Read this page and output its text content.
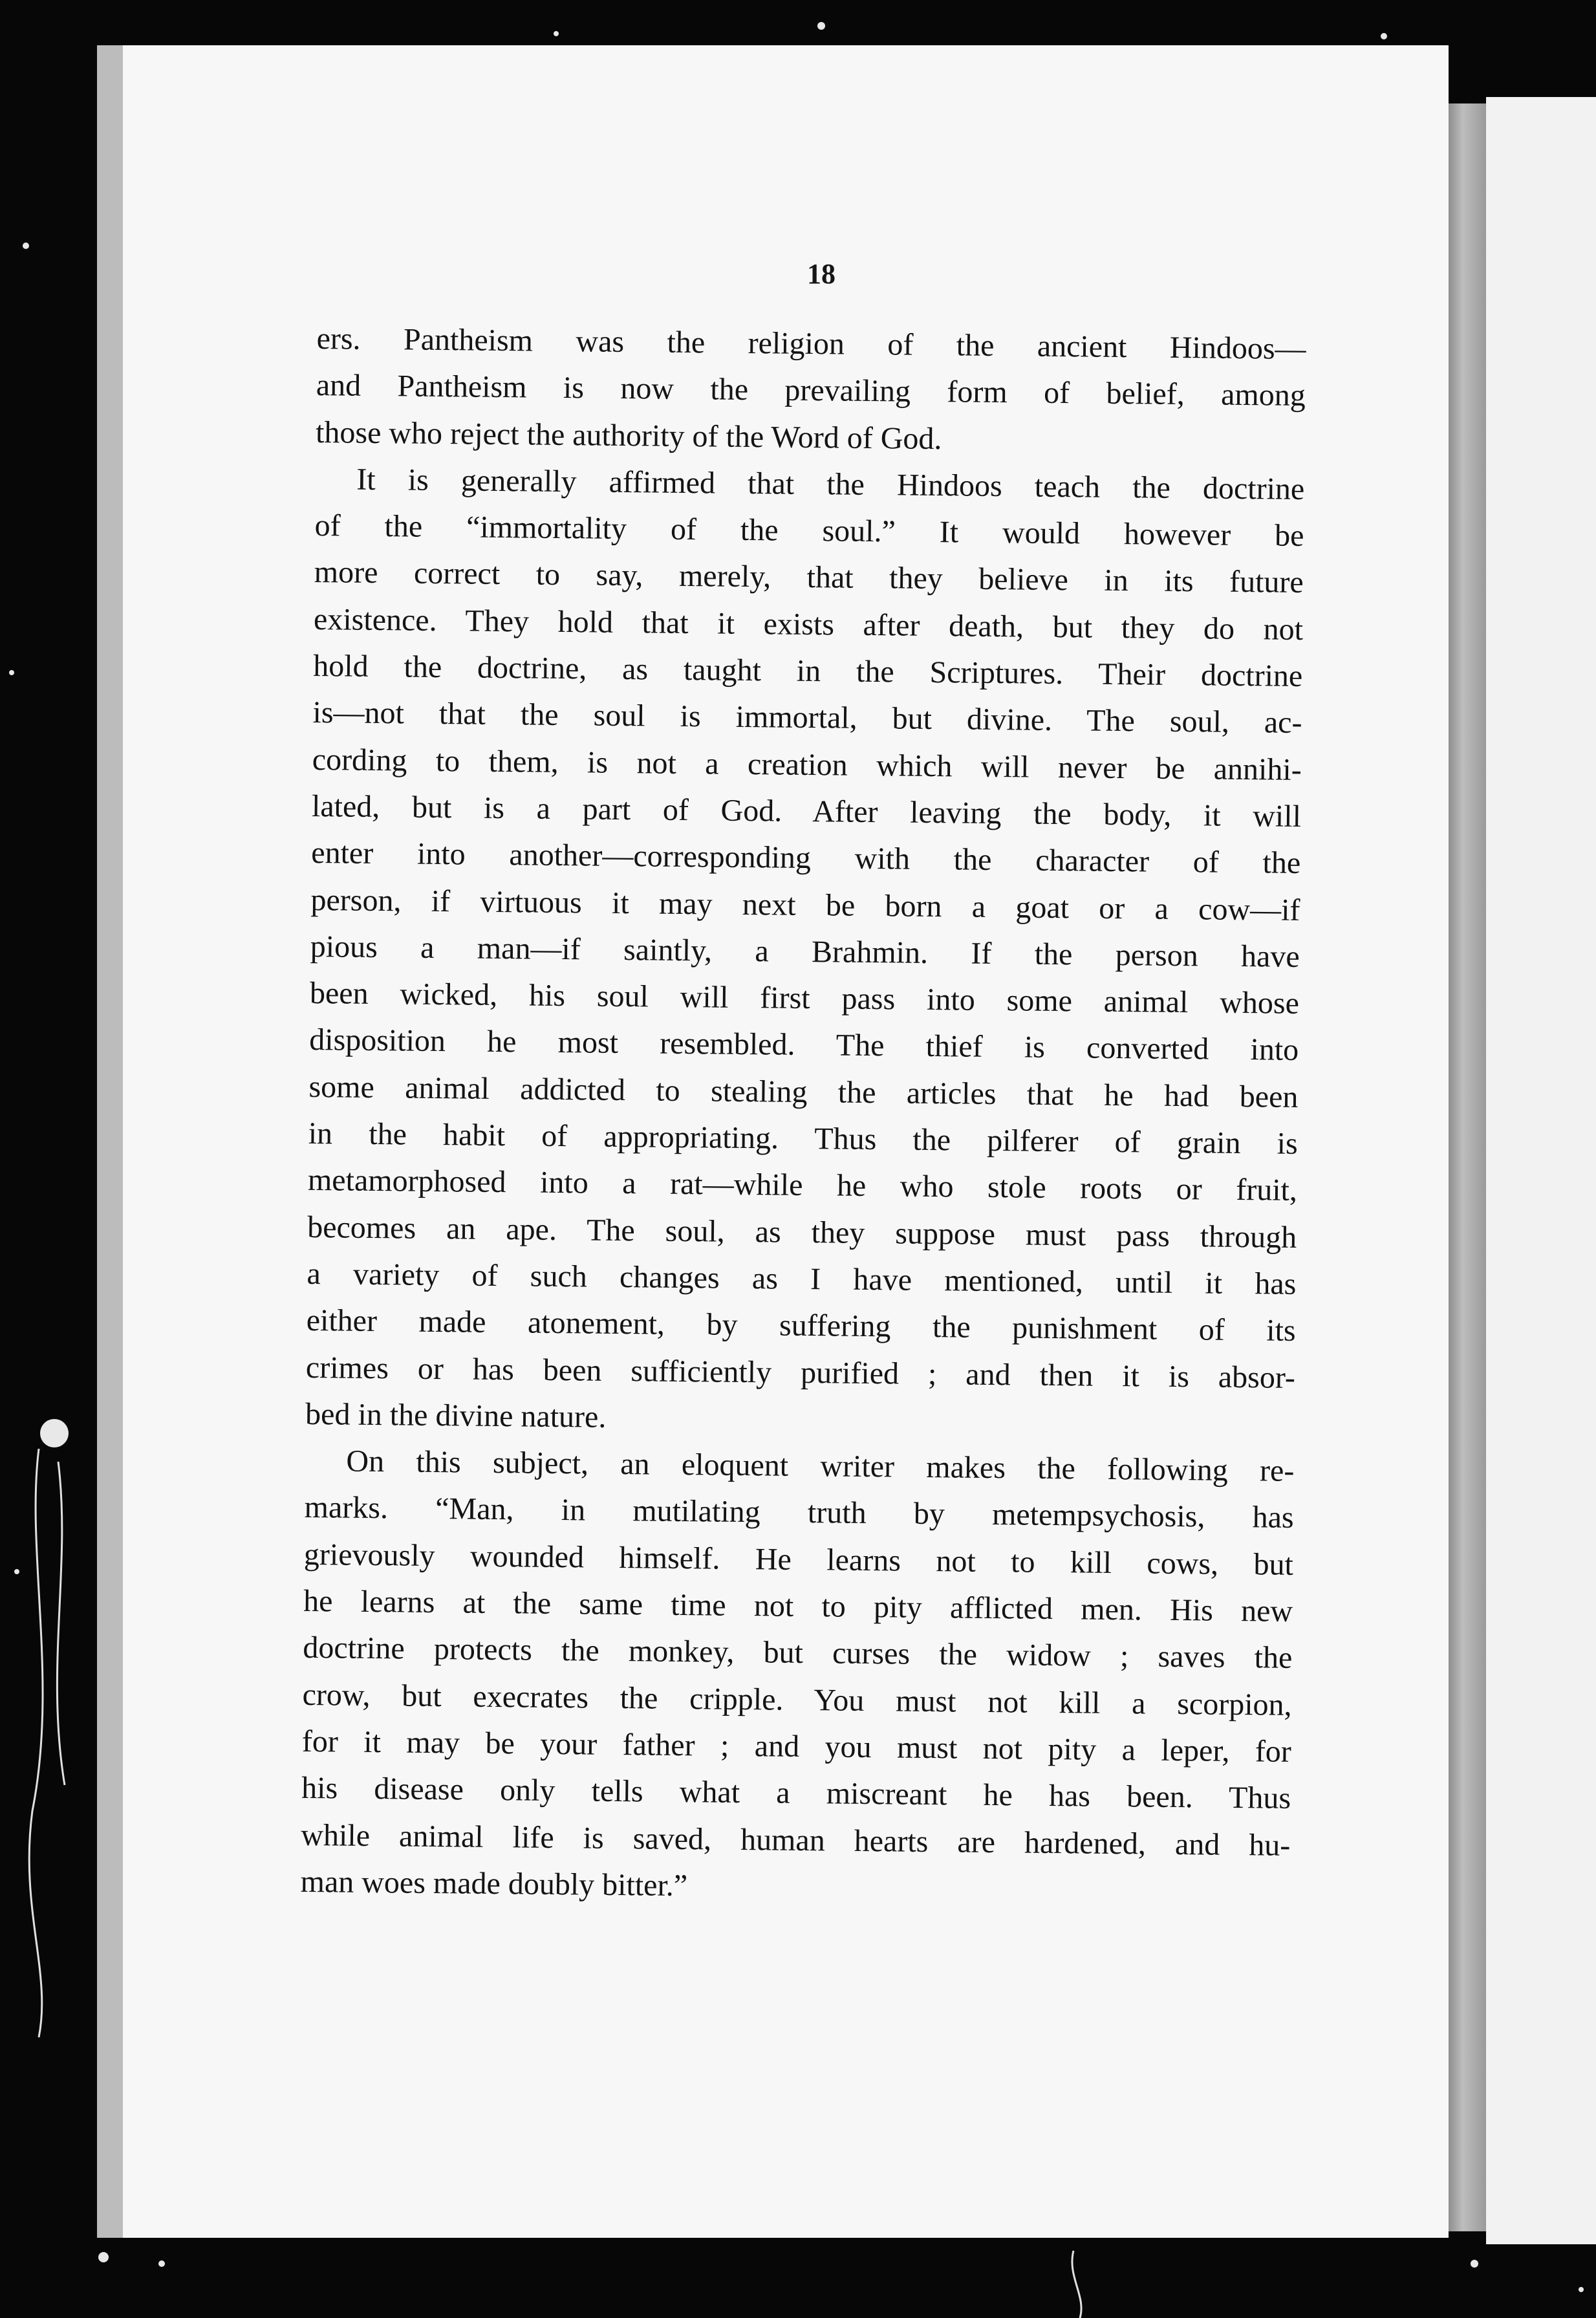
18
ers. Pantheism was the religion of the ancient Hindoos—
and Pantheism is now the prevailing form of belief, among
those who reject the authority of the Word of God.
It is generally affirmed that the Hindoos teach the doctrine
of the “immortality of the soul.” It would however be
more correct to say, merely, that they believe in its future
existence. They hold that it exists after death, but they do not
hold the doctrine, as taught in the Scriptures. Their doctrine
is—not that the soul is immortal, but divine. The soul, ac-
cording to them, is not a creation which will never be annihi-
lated, but is a part of God. After leaving the body, it will
enter into another—corresponding with the character of the
person, if virtuous it may next be born a goat or a cow—if
pious a man—if saintly, a Brahmin. If the person have
been wicked, his soul will first pass into some animal whose
disposition he most resembled. The thief is converted into
some animal addicted to stealing the articles that he had been
in the habit of appropriating. Thus the pilferer of grain is
metamorphosed into a rat—while he who stole roots or fruit,
becomes an ape. The soul, as they suppose must pass through
a variety of such changes as I have mentioned, until it has
either made atonement, by suffering the punishment of its
crimes or has been sufficiently purified ; and then it is absor-
bed in the divine nature.
On this subject, an eloquent writer makes the following re-
marks. “Man, in mutilating truth by metempsychosis, has
grievously wounded himself. He learns not to kill cows, but
he learns at the same time not to pity afflicted men. His new
doctrine protects the monkey, but curses the widow ; saves the
crow, but execrates the cripple. You must not kill a scorpion,
for it may be your father ; and you must not pity a leper, for
his disease only tells what a miscreant he has been. Thus
while animal life is saved, human hearts are hardened, and hu-
man woes made doubly bitter.”
